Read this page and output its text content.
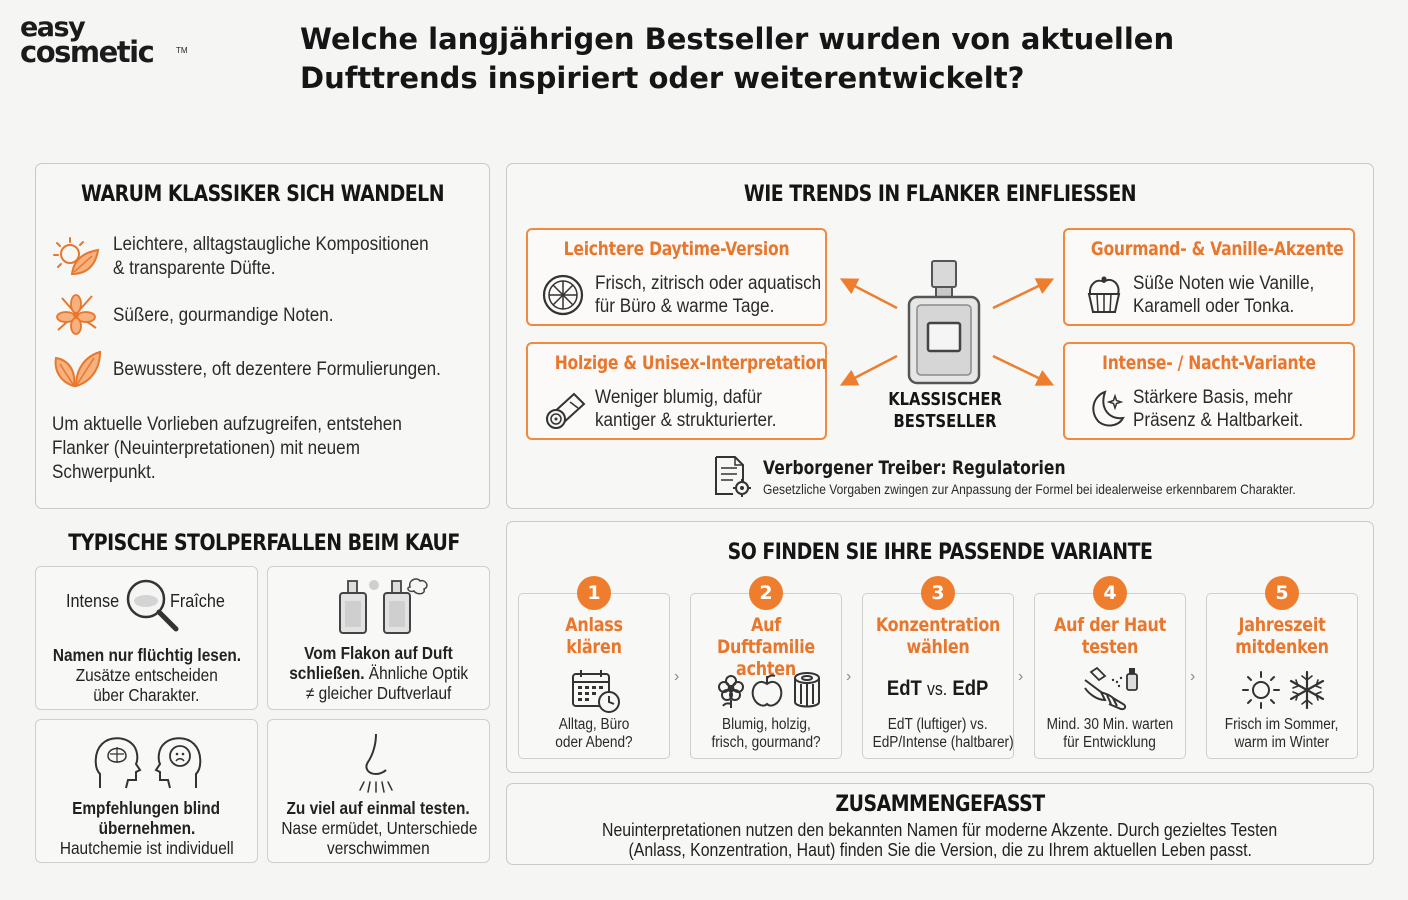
easy
cosmetic	TM	Welche langjährigen Bestseller wurden von aktuellen
Dufttrends inspiriert oder weiterentwickelt?
WARUM KLASSIKER SICH WANDELN
Leichtere, alltagstaugliche Kompositionen
& transparente Düfte.
Süßere, gourmandige Noten.
Bewusstere, oft dezentere Formulierungen.
Um aktuelle Vorlieben aufzugreifen, entstehen
Flanker (Neuinterpretationen) mit neuem
Schwerpunkt.
WIE TRENDS IN FLANKER EINFLIESSEN
Leichtere Daytime-Version
Frisch, zitrisch oder aquatisch
für Büro & warme Tage.
Gourmand- & Vanille-Akzente
Süße Noten wie Vanille,
Karamell oder Tonka.
Holzige & Unisex-Interpretation
Weniger blumig, dafür
kantiger & strukturierter.
Intense- / Nacht-Variante
Stärkere Basis, mehr
Präsenz & Haltbarkeit.
KLASSISCHER
BESTSELLER
Verborgener Treiber: Regulatorien
Gesetzliche Vorgaben zwingen zur Anpassung der Formel bei idealerweise erkennbarem Charakter.
TYPISCHE STOLPERFALLEN BEIM KAUF
Intense	Fraîche
Namen nur flüchtig lesen.
Zusätze entscheiden
über Charakter.
Vom Flakon auf Duft
schließen. Ähnliche Optik
≠ gleicher Duftverlauf
Empfehlungen blind
übernehmen.
Hautchemie ist individuell
Zu viel auf einmal testen.
Nase ermüdet, Unterschiede
verschwimmen
SO FINDEN SIE IHRE PASSENDE VARIANTE
Anlass
klären
Alltag, Büro
oder Abend?
1
›
Auf Duftfamilie
achten
Blumig, holzig,
frisch, gourmand?
2
›
Konzentration
wählen
EdT vs. EdP
EdT (luftiger) vs.
EdP/Intense (haltbarer)
3
›
Auf der Haut
testen
Mind. 30 Min. warten
für Entwicklung
4
›
Jahreszeit
mitdenken
Frisch im Sommer,
warm im Winter
5
ZUSAMMENGEFASST
Neuinterpretationen nutzen den bekannten Namen für moderne Akzente. Durch gezieltes Testen
(Anlass, Konzentration, Haut) finden Sie die Version, die zu Ihrem aktuellen Leben passt.
